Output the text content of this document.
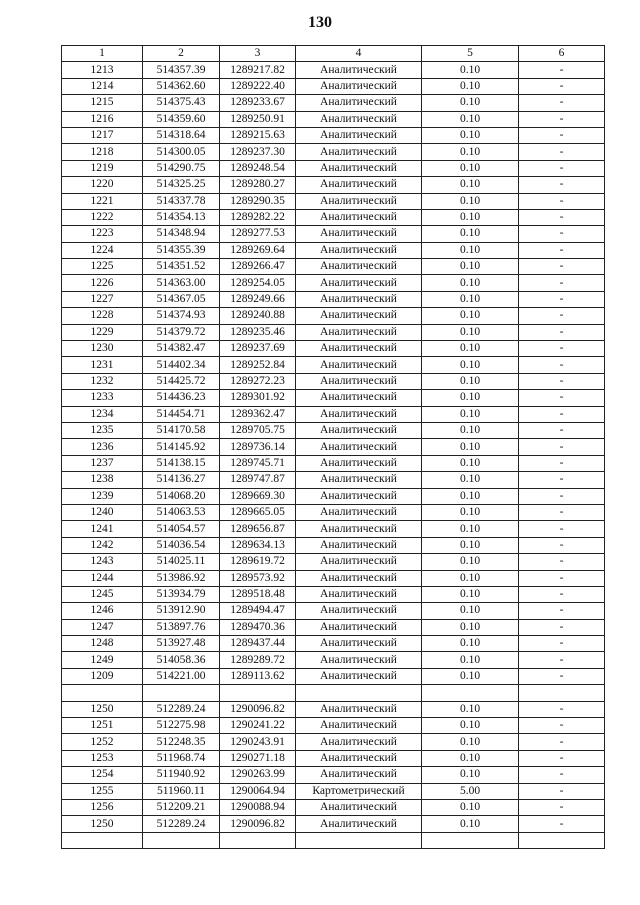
130
1	2	3	4	5	6
1213	514357.39	1289217.82	Аналитический	0.10	-
1214	514362.60	1289222.40	Аналитический	0.10	-
1215	514375.43	1289233.67	Аналитический	0.10	-
1216	514359.60	1289250.91	Аналитический	0.10	-
1217	514318.64	1289215.63	Аналитический	0.10	-
1218	514300.05	1289237.30	Аналитический	0.10	-
1219	514290.75	1289248.54	Аналитический	0.10	-
1220	514325.25	1289280.27	Аналитический	0.10	-
1221	514337.78	1289290.35	Аналитический	0.10	-
1222	514354.13	1289282.22	Аналитический	0.10	-
1223	514348.94	1289277.53	Аналитический	0.10	-
1224	514355.39	1289269.64	Аналитический	0.10	-
1225	514351.52	1289266.47	Аналитический	0.10	-
1226	514363.00	1289254.05	Аналитический	0.10	-
1227	514367.05	1289249.66	Аналитический	0.10	-
1228	514374.93	1289240.88	Аналитический	0.10	-
1229	514379.72	1289235.46	Аналитический	0.10	-
1230	514382.47	1289237.69	Аналитический	0.10	-
1231	514402.34	1289252.84	Аналитический	0.10	-
1232	514425.72	1289272.23	Аналитический	0.10	-
1233	514436.23	1289301.92	Аналитический	0.10	-
1234	514454.71	1289362.47	Аналитический	0.10	-
1235	514170.58	1289705.75	Аналитический	0.10	-
1236	514145.92	1289736.14	Аналитический	0.10	-
1237	514138.15	1289745.71	Аналитический	0.10	-
1238	514136.27	1289747.87	Аналитический	0.10	-
1239	514068.20	1289669.30	Аналитический	0.10	-
1240	514063.53	1289665.05	Аналитический	0.10	-
1241	514054.57	1289656.87	Аналитический	0.10	-
1242	514036.54	1289634.13	Аналитический	0.10	-
1243	514025.11	1289619.72	Аналитический	0.10	-
1244	513986.92	1289573.92	Аналитический	0.10	-
1245	513934.79	1289518.48	Аналитический	0.10	-
1246	513912.90	1289494.47	Аналитический	0.10	-
1247	513897.76	1289470.36	Аналитический	0.10	-
1248	513927.48	1289437.44	Аналитический	0.10	-
1249	514058.36	1289289.72	Аналитический	0.10	-
1209	514221.00	1289113.62	Аналитический	0.10	-

1250	512289.24	1290096.82	Аналитический	0.10	-
1251	512275.98	1290241.22	Аналитический	0.10	-
1252	512248.35	1290243.91	Аналитический	0.10	-
1253	511968.74	1290271.18	Аналитический	0.10	-
1254	511940.92	1290263.99	Аналитический	0.10	-
1255	511960.11	1290064.94	Картометрический	5.00	-
1256	512209.21	1290088.94	Аналитический	0.10	-
1250	512289.24	1290096.82	Аналитический	0.10	-
